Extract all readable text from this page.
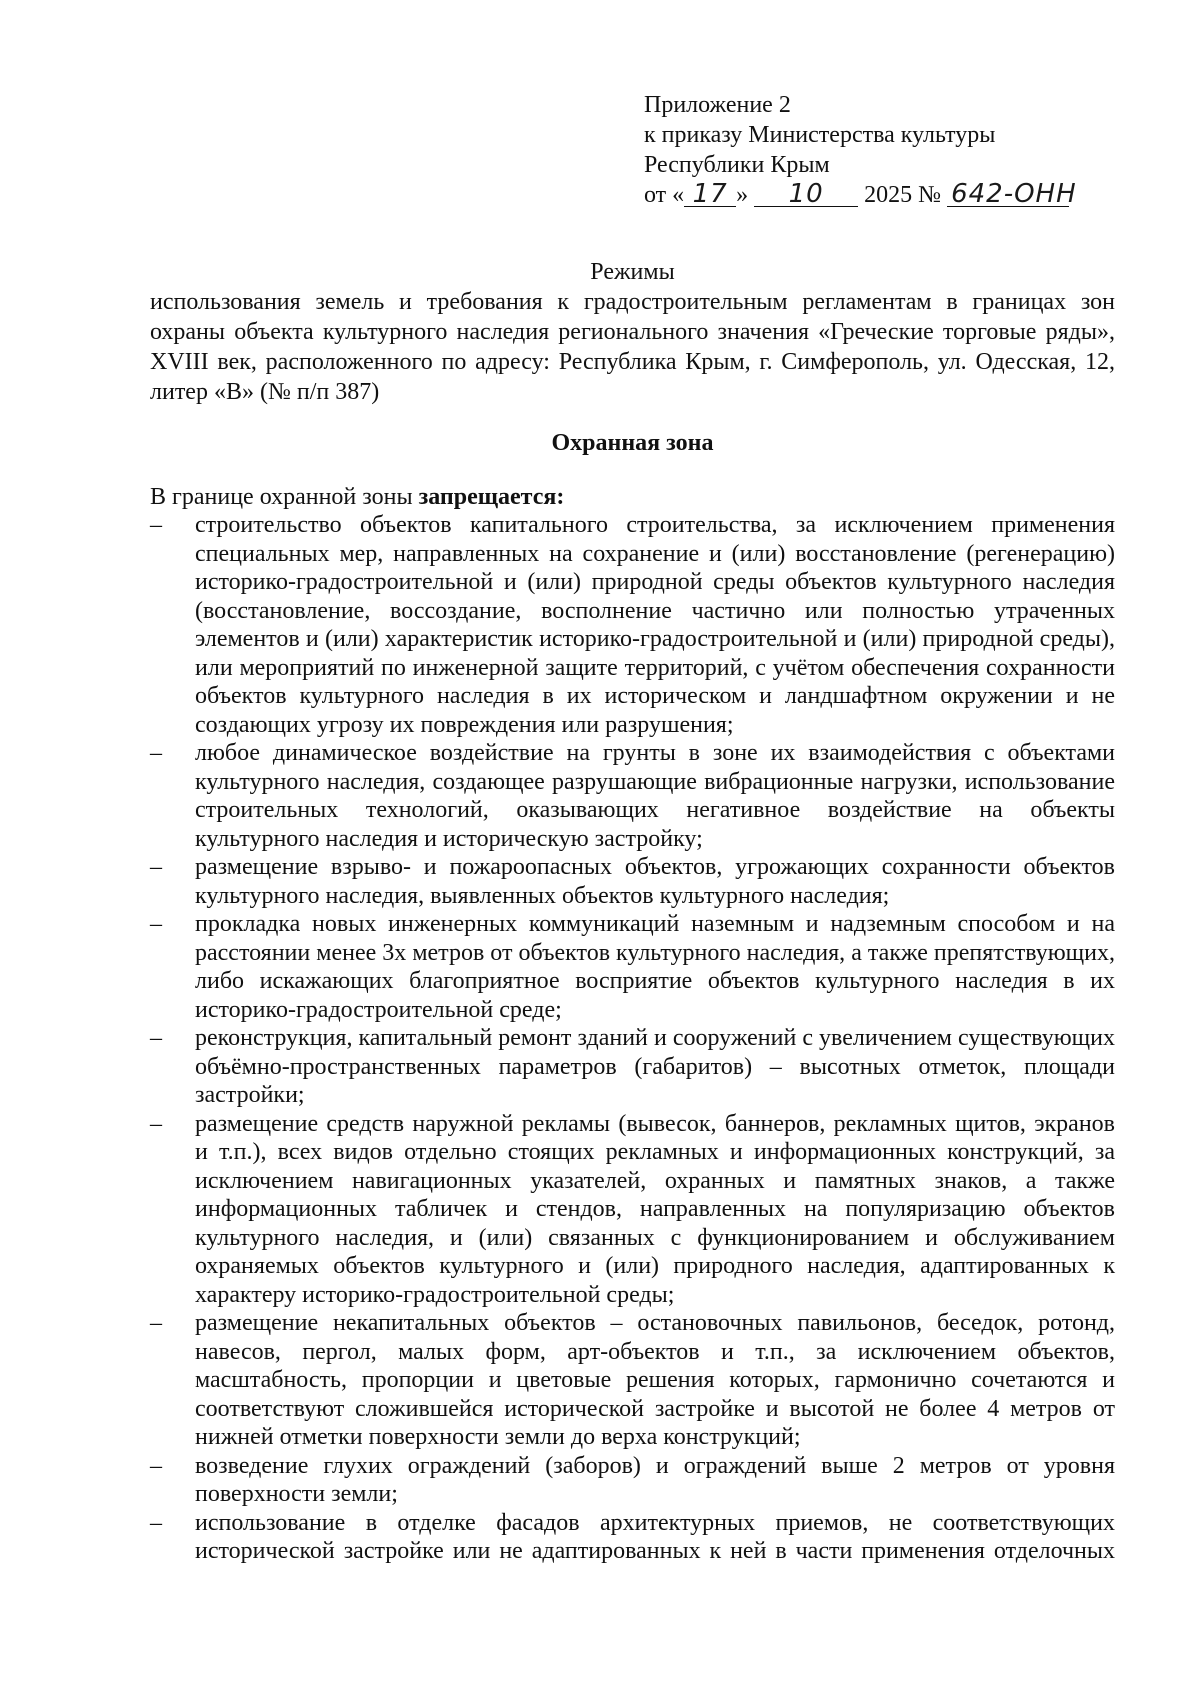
Приложение 2
к приказу Министерства культуры
Республики Крым
от « 17 » 10 2025 № 642-ОНН
Режимы
использования земель и требования к градостроительным регламентам в границах зон охраны объекта культурного наследия регионального значения «Греческие торговые ряды», XVIII век, расположенного по адресу: Республика Крым, г. Симферополь, ул. Одесская, 12, литер «В» (№ п/п 387)
Охранная зона
В границе охранной зоны запрещается:
–	строительство объектов капитального строительства, за исключением применения специальных мер, направленных на сохранение и (или) восстановление (регенерацию) историко-градостроительной и (или) природной среды объектов культурного наследия (восстановление, воссоздание, восполнение частично или полностью утраченных элементов и (или) характеристик историко-градостроительной и (или) природной среды), или мероприятий по инженерной защите территорий, с учётом обеспечения сохранности объектов культурного наследия в их историческом и ландшафтном окружении и не создающих угрозу их повреждения или разрушения;
–	любое динамическое воздействие на грунты в зоне их взаимодействия с объектами культурного наследия, создающее разрушающие вибрационные нагрузки, использование строительных технологий, оказывающих негативное воздействие на объекты культурного наследия и историческую застройку;
–	размещение взрыво- и пожароопасных объектов, угрожающих сохранности объектов культурного наследия, выявленных объектов культурного наследия;
–	прокладка новых инженерных коммуникаций наземным и надземным способом и на расстоянии менее 3х метров от объектов культурного наследия, а также препятствующих, либо искажающих благоприятное восприятие объектов культурного наследия в их историко-градостроительной среде;
–	реконструкция, капитальный ремонт зданий и сооружений с увеличением существующих объёмно-пространственных параметров (габаритов) – высотных отметок, площади застройки;
–	размещение средств наружной рекламы (вывесок, баннеров, рекламных щитов, экранов и т.п.), всех видов отдельно стоящих рекламных и информационных конструкций, за исключением навигационных указателей, охранных и памятных знаков, а также информационных табличек и стендов, направленных на популяризацию объектов культурного наследия, и (или) связанных с функционированием и обслуживанием охраняемых объектов культурного и (или) природного наследия, адаптированных к характеру историко-градостроительной среды;
–	размещение некапитальных объектов – остановочных павильонов, беседок, ротонд, навесов, пергол, малых форм, арт-объектов и т.п., за исключением объектов, масштабность, пропорции и цветовые решения которых, гармонично сочетаются и соответствуют сложившейся исторической застройке и высотой не более 4 метров от нижней отметки поверхности земли до верха конструкций;
–	возведение глухих ограждений (заборов) и ограждений выше 2 метров от уровня поверхности земли;
–	использование в отделке фасадов архитектурных приемов, не соответствующих исторической застройке или не адаптированных к ней в части применения отделочных
